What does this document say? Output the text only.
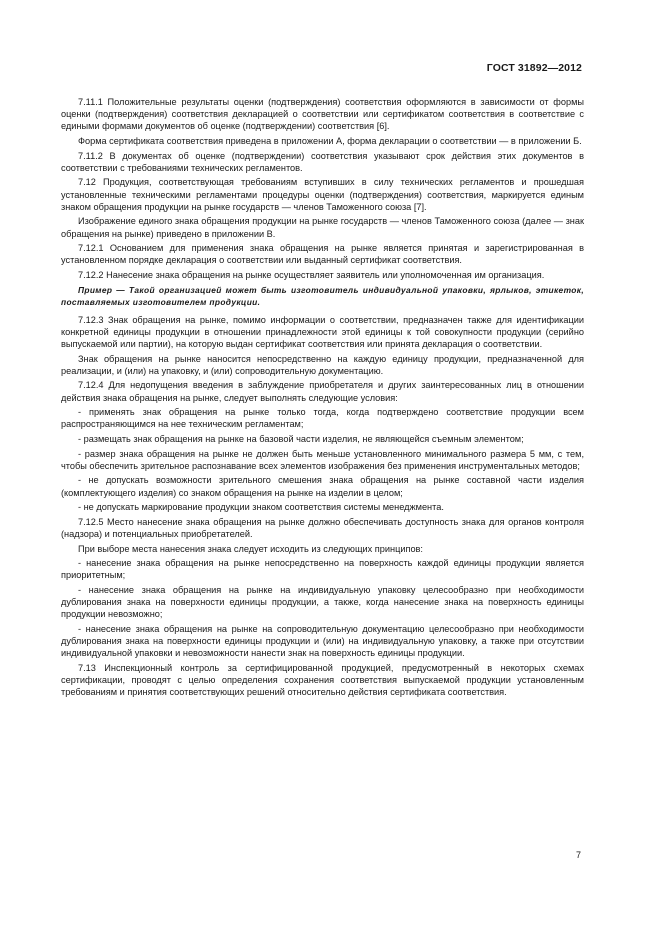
ГОСТ 31892—2012

7.11.1 Положительные результаты оценки (подтверждения) соответствия оформляются в зависимости от формы оценки (подтверждения) соответствия декларацией о соответствии или сертификатом соответствия в соответствие с едиными формами документов об оценке (подтверждении) соответствия [6].

Форма сертификата соответствия приведена в приложении А, форма декларации о соответствии — в приложении Б.

7.11.2 В документах об оценке (подтверждении) соответствия указывают срок действия этих документов в соответствии с требованиями технических регламентов.

7.12 Продукция, соответствующая требованиям вступивших в силу технических регламентов и прошедшая установленные техническими регламентами процедуры оценки (подтверждения) соответствия, маркируется единым знаком обращения продукции на рынке государств — членов Таможенного союза [7].

Изображение единого знака обращения продукции на рынке государств — членов Таможенного союза (далее — знак обращения на рынке) приведено в приложении В.

7.12.1 Основанием для применения знака обращения на рынке является принятая и зарегистрированная в установленном порядке декларация о соответствии или выданный сертификат соответствия.

7.12.2 Нанесение знака обращения на рынке осуществляет заявитель или уполномоченная им организация.

Пример — Такой организацией может быть изготовитель индивидуальной упаковки, ярлыков, этикеток, поставляемых изготовителем продукции.

7.12.3 Знак обращения на рынке, помимо информации о соответствии, предназначен также для идентификации конкретной единицы продукции в отношении принадлежности этой единицы к той совокупности продукции (серийно выпускаемой или партии), на которую выдан сертификат соответствия или принята декларация о соответствии.

Знак обращения на рынке наносится непосредственно на каждую единицу продукции, предназначенной для реализации, и (или) на упаковку, и (или) сопроводительную документацию.

7.12.4 Для недопущения введения в заблуждение приобретателя и других заинтересованных лиц в отношении действия знака обращения на рынке, следует выполнять следующие условия:

- применять знак обращения на рынке только тогда, когда подтверждено соответствие продукции всем распространяющимся на нее техническим регламентам;

- размещать знак обращения на рынке на базовой части изделия, не являющейся съемным элементом;

- размер знака обращения на рынке не должен быть меньше установленного минимального размера 5 мм, с тем, чтобы обеспечить зрительное распознавание всех элементов изображения без применения инструментальных методов;

- не допускать возможности зрительного смешения знака обращения на рынке составной части изделия (комплектующего изделия) со знаком обращения на рынке на изделии в целом;

- не допускать маркирование продукции знаком соответствия системы менеджмента.

7.12.5 Место нанесение знака обращения на рынке должно обеспечивать доступность знака для органов контроля (надзора) и потенциальных приобретателей.

При выборе места нанесения знака следует исходить из следующих принципов:

- нанесение знака обращения на рынке непосредственно на поверхность каждой единицы продукции является приоритетным;

- нанесение знака обращения на рынке на индивидуальную упаковку целесообразно при необходимости дублирования знака на поверхности единицы продукции, а также, когда нанесение знака на поверхность единицы продукции невозможно;

- нанесение знака обращения на рынке на сопроводительную документацию целесообразно при необходимости дублирования знака на поверхности единицы продукции и (или) на индивидуальную упаковку, а также при отсутствии индивидуальной упаковки и невозможности нанести знак на поверхность единицы продукции.

7.13 Инспекционный контроль за сертифицированной продукцией, предусмотренный в некоторых схемах сертификации, проводят с целью определения сохранения соответствия выпускаемой продукции установленным требованиям и принятия соответствующих решений относительно действия сертификата соответствия.

7
